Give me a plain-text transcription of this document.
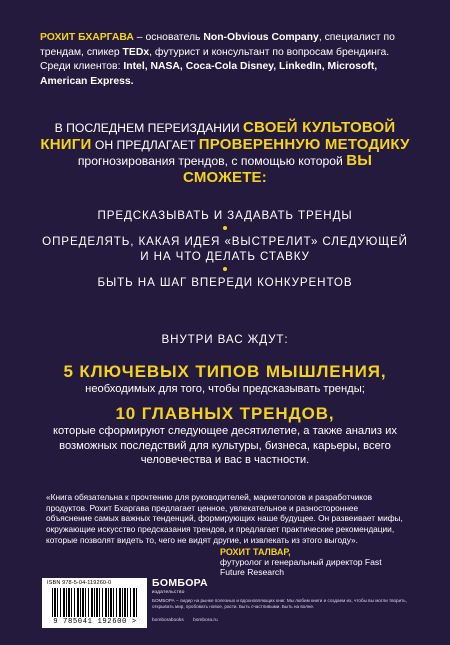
РОХИТ БХАРГАВА – основатель Non-Obvious Company, специалист по трендам, спикер TEDx, футурист и консультант по вопросам брендинга. Среди клиентов: Intel, NASA, Coca-Cola Disney, LinkedIn, Microsoft, American Express.
В ПОСЛЕДНЕМ ПЕРЕИЗДАНИИ СВОЕЙ КУЛЬТОВОЙ КНИГИ ОН ПРЕДЛАГАЕТ ПРОВЕРЕННУЮ МЕТОДИКУ прогнозирования трендов, с помощью которой ВЫ СМОЖЕТЕ:

ПРЕДСКАЗЫВАТЬ И ЗАДАВАТЬ ТРЕНДЫ

ОПРЕДЕЛЯТЬ, КАКАЯ ИДЕЯ «ВЫСТРЕЛИТ» СЛЕДУЮЩЕЙ И НА ЧТО ДЕЛАТЬ СТАВКУ

БЫТЬ НА ШАГ ВПЕРЕДИ КОНКУРЕНТОВ

ВНУТРИ ВАС ЖДУТ:
5 КЛЮЧЕВЫХ ТИПОВ МЫШЛЕНИЯ,
необходимых для того, чтобы предсказывать тренды;
10 ГЛАВНЫХ ТРЕНДОВ,
которые сформируют следующее десятилетие, а также анализ их возможных последствий для культуры, бизнеса, карьеры, всего человечества и вас в частности.
«Книга обязательна к прочтению для руководителей, маркетологов и разработчиков продуктов. Рохит Бхаргава предлагает ценное, увлекательное и разностороннее объяснение самых важных тенденций, формирующих наше будущее. Он развеивает мифы, окружающие искусство предсказания трендов, и предлагает практические рекомендации, которые позволят видеть то, чего не видят другие, и извлекать из этого выгоду».
РОХИТ ТАЛВАР,
футуролог и генеральный директор Fast Future Research
ISBN 978-5-04-119260-0
9 785041 192600 >
БОМБОРА
издательство
БОМБОРА – лидер на рынке полезных и вдохновляющих книг. Мы любим книги и создаем их, чтобы вы могли творить, открывать мир, пробовать новое, расти. Быть счастливыми. Быть на волне.
bomborabooks bombora.ru
